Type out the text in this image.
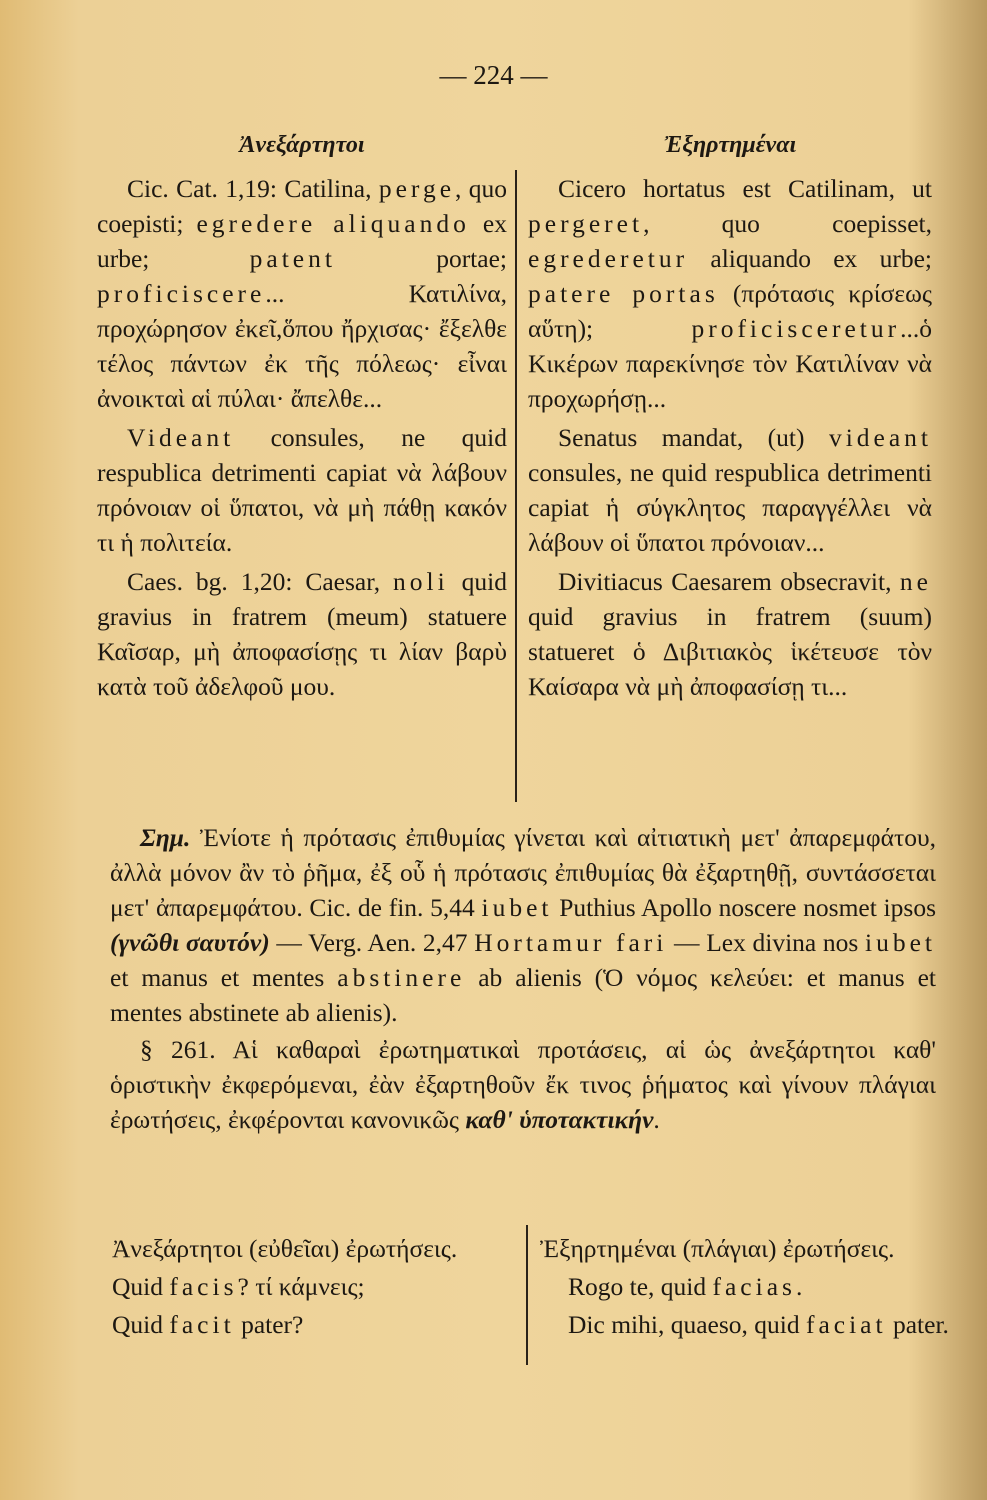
— 224 —
Ἀνεξάρτητοι

Cic. Cat. 1,19: Catilina, perge, quo coepisti; egredere aliquando ex urbe; patent portae; proficiscere... Κατιλίνα, προχώρησον ἐκεῖ,ὅπου ἤρχισας· ἔξελθε τέλος πάντων ἐκ τῆς πόλεως· εἶναι ἀνοικταὶ αἱ πύλαι· ἄπελθε...

Videant consules, ne quid respublica detrimenti capiat νὰ λάβουν πρόνοιαν οἱ ὕπατοι, νὰ μὴ πάθῃ κακόν τι ἡ πολιτεία.

Caes. bg. 1,20: Caesar, noli quid gravius in fratrem (meum) statuere Καῖσαρ, μὴ ἀποφασίσῃς τι λίαν βαρὺ κατὰ τοῦ ἀδελφοῦ μου.

Ἐξηρτημέναι

Cicero hortatus est Catilinam, ut pergeret, quo coepisset, egrederetur aliquando ex urbe; patere portas (πρότασις κρίσεως αὕτη); proficisceretur...ὁ Κικέρων παρεκίνησε τὸν Κατιλίναν νὰ προχωρήσῃ...

Senatus mandat, (ut) videant consules, ne quid respublica detrimenti capiat ἡ σύγκλητος παραγγέλλει νὰ λάβουν οἱ ὕπατοι πρόνοιαν...

Divitiacus Caesarem obsecravit, ne quid gravius in fratrem (suum) statueret ὁ Διβιτιακὸς ἱκέτευσε τὸν Καίσαρα νὰ μὴ ἀποφασίσῃ τι...

Σημ. Ἐνίοτε ἡ πρότασις ἐπιθυμίας γίνεται καὶ αἰτιατικὴ μετ' ἀπαρεμφάτου, ἀλλὰ μόνον ἂν τὸ ῥῆμα, ἐξ οὗ ἡ πρότασις ἐπιθυμίας θὰ ἐξαρτηθῇ, συντάσσεται μετ' ἀπαρεμφάτου. Cic. de fin. 5,44 iubet Puthius Apollo noscere nosmet ipsos (γνῶθι σαυτόν) — Verg. Aen. 2,47 Hortamur fari — Lex divina nos iubet et manus et mentes abstinere ab alienis (Ὁ νόμος κελεύει: et manus et mentes abstinete ab alienis).

§ 261. Αἱ καθαραὶ ἐρωτηματικαὶ προτάσεις, αἱ ὡς ἀνεξάρτητοι καθ' ὁριστικὴν ἐκφερόμεναι, ἐὰν ἐξαρτηθοῦν ἔκ τινος ῥήματος καὶ γίνουν πλάγιαι ἐρωτήσεις, ἐκφέρονται κανονικῶς καθ' ὑποτακτικήν.

Ἀνεξάρτητοι (εὐθεῖαι) ἐρωτήσεις.
Quid facis? τί κάμνεις;
Quid facit pater?
Ἐξηρτημέναι (πλάγιαι) ἐρωτήσεις.
Rogo te, quid facias.
Dic mihi, quaeso, quid faciat pater.
